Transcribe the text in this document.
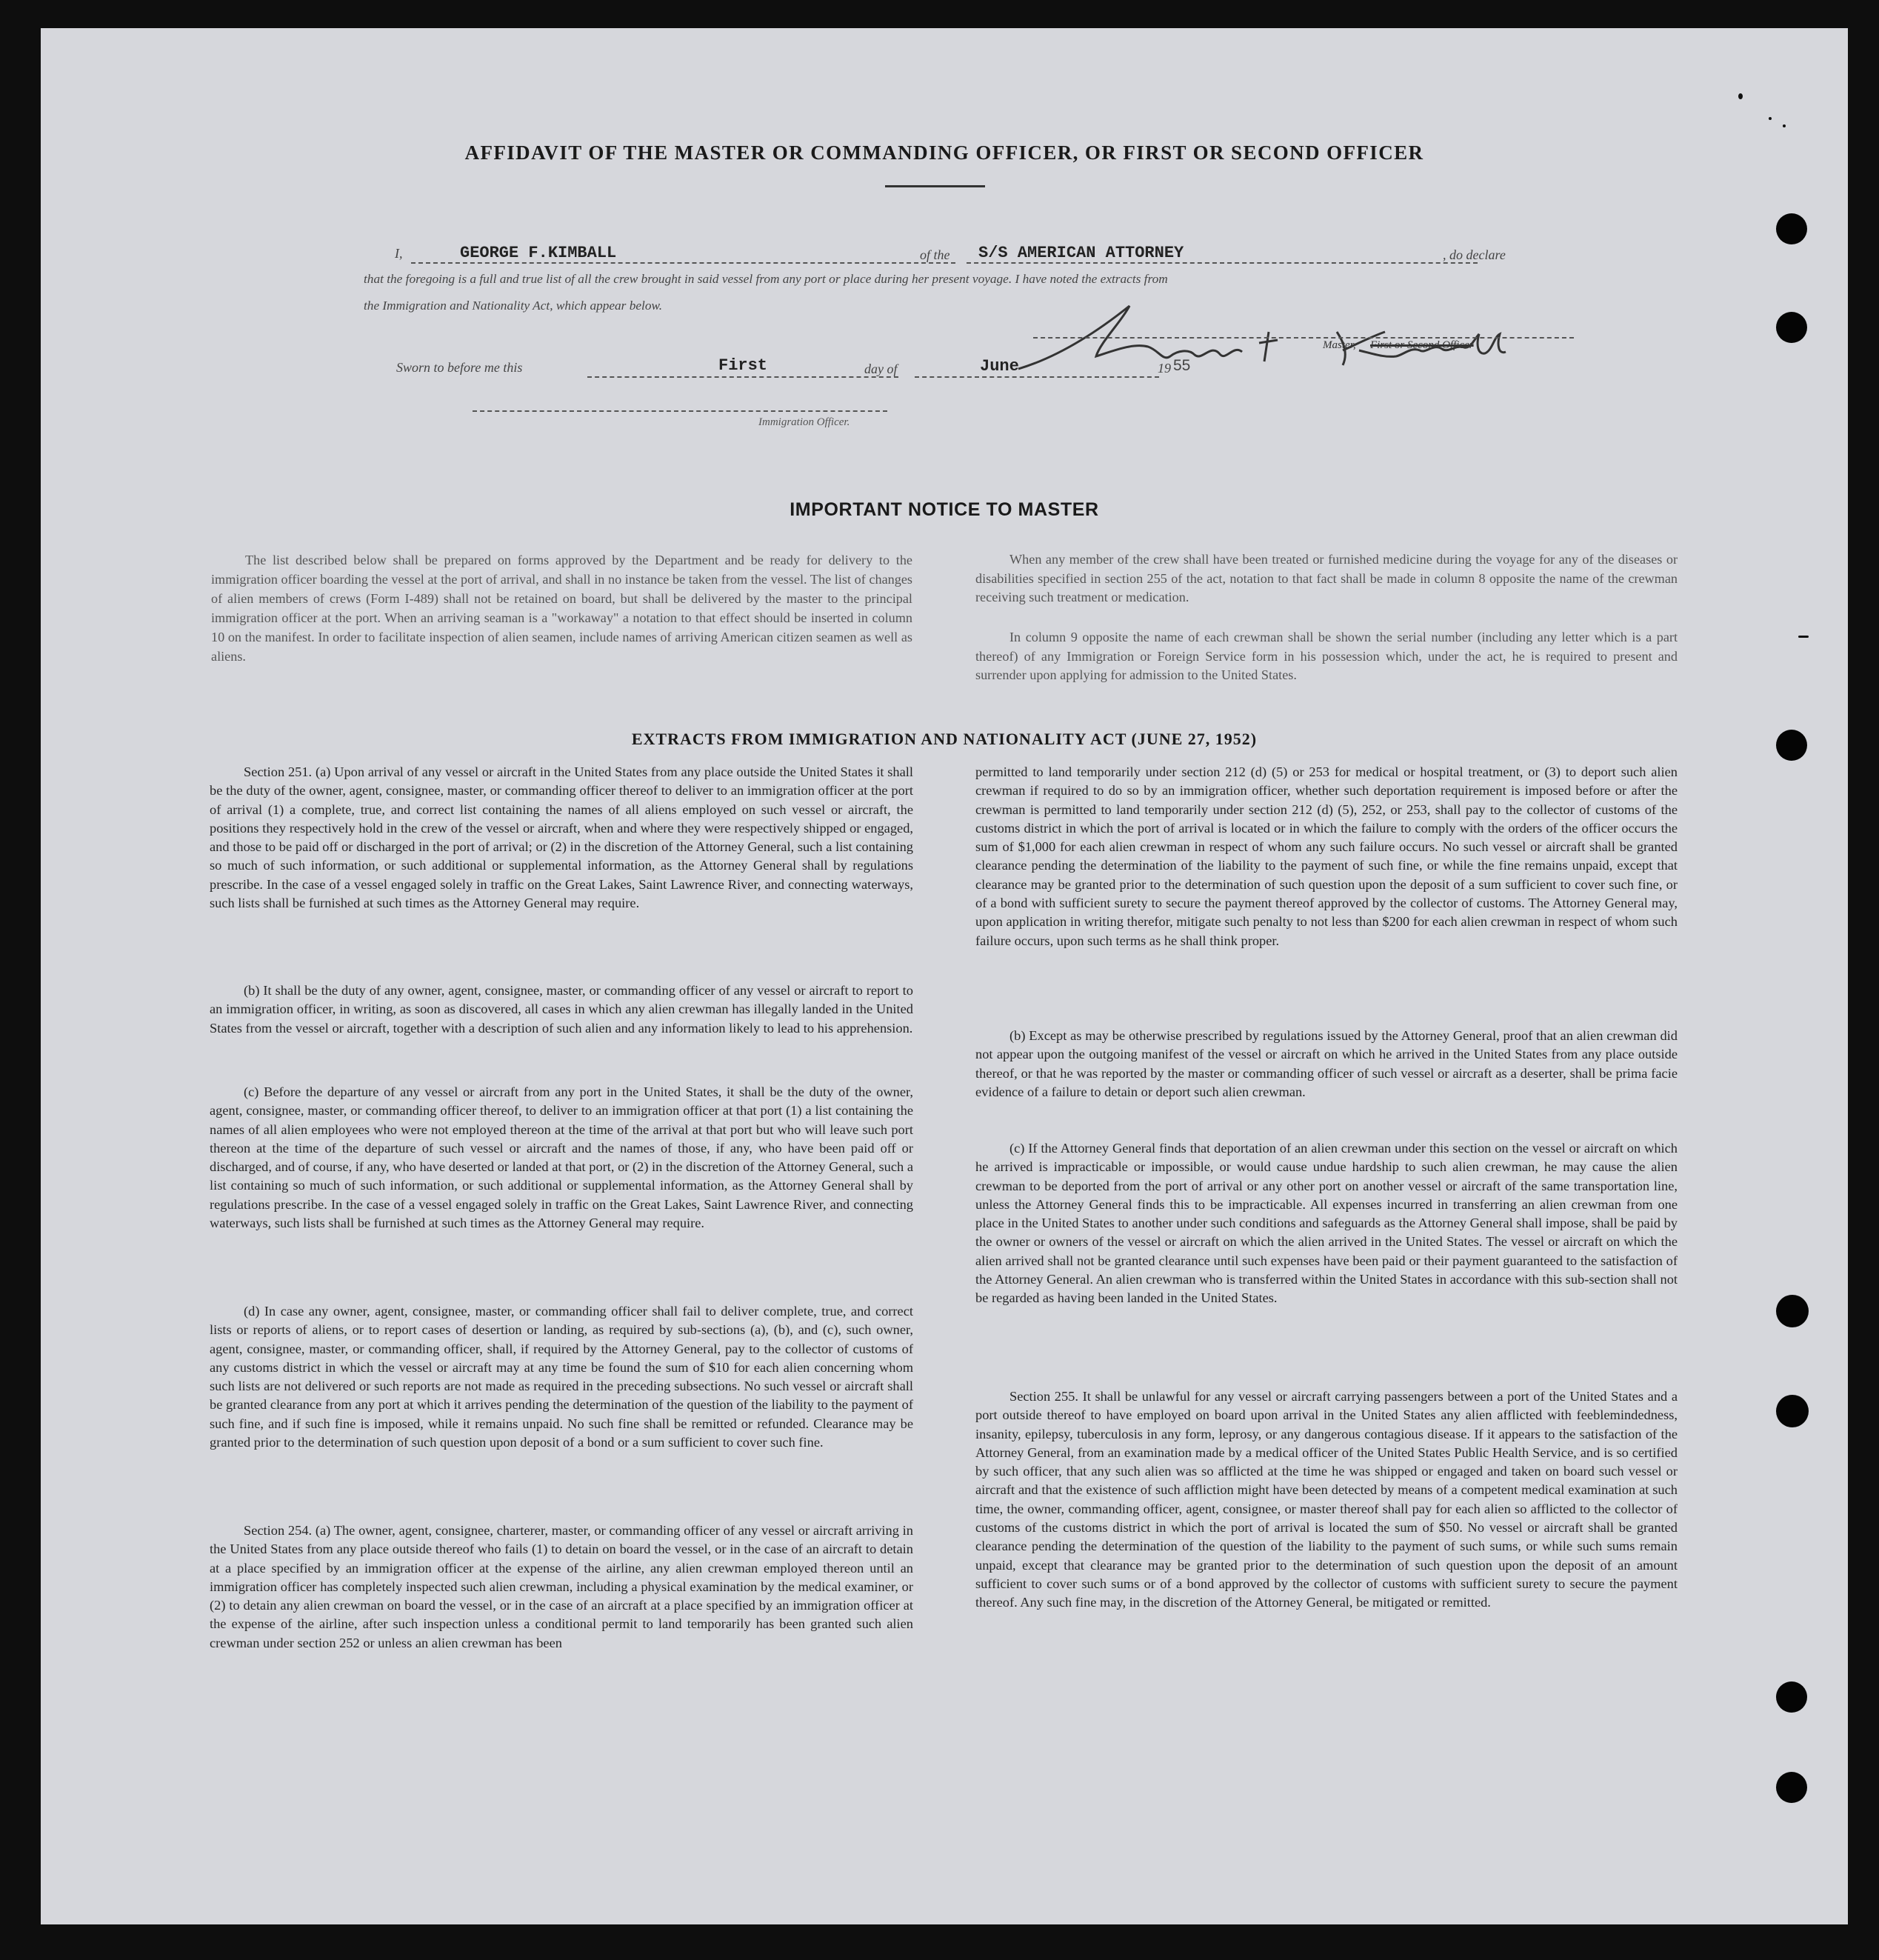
AFFIDAVIT OF THE MASTER OR COMMANDING OFFICER, OR FIRST OR SECOND OFFICER
I,	GEORGE F.KIMBALL	of the S/S AMERICAN ATTORNEY	, do declare
that the foregoing is a full and true list of all the crew brought in said vessel from any port or place during her present voyage. I have noted the extracts from
the Immigration and Nationality Act, which appear below.
Master, First or Second Officer
Sworn to before me this	First	day of	June	19 55
Immigration Officer.
IMPORTANT NOTICE TO MASTER
The list described below shall be prepared on forms approved by the Department and be ready for delivery to the immigration officer boarding the vessel at the port of arrival, and shall in no instance be taken from the vessel. The list of changes of alien members of crews (Form I-489) shall not be retained on board, but shall be delivered by the master to the principal immigration officer at the port. When an arriving seaman is a "workaway" a notation to that effect should be inserted in column 10 on the manifest. In order to facilitate inspection of alien seamen, include names of arriving American citizen seamen as well as aliens.
When any member of the crew shall have been treated or furnished medicine during the voyage for any of the diseases or disabilities specified in section 255 of the act, notation to that fact shall be made in column 8 opposite the name of the crewman receiving such treatment or medication.
In column 9 opposite the name of each crewman shall be shown the serial number (including any letter which is a part thereof) of any Immigration or Foreign Service form in his possession which, under the act, he is required to present and surrender upon applying for admission to the United States.
EXTRACTS FROM IMMIGRATION AND NATIONALITY ACT (JUNE 27, 1952)
Section 251. (a) Upon arrival of any vessel or aircraft in the United States from any place outside the United States it shall be the duty of the owner, agent, consignee, master, or commanding officer thereof to deliver to an immigration officer at the port of arrival (1) a complete, true, and correct list containing the names of all aliens employed on such vessel or aircraft, the positions they respectively hold in the crew of the vessel or aircraft, when and where they were respectively shipped or engaged, and those to be paid off or discharged in the port of arrival; or (2) in the discretion of the Attorney General, such a list containing so much of such information, or such additional or supplemental information, as the Attorney General shall by regulations prescribe. In the case of a vessel engaged solely in traffic on the Great Lakes, Saint Lawrence River, and connecting waterways, such lists shall be furnished at such times as the Attorney General may require.
(b) It shall be the duty of any owner, agent, consignee, master, or commanding officer of any vessel or aircraft to report to an immigration officer, in writing, as soon as discovered, all cases in which any alien crewman has illegally landed in the United States from the vessel or aircraft, together with a description of such alien and any information likely to lead to his apprehension.
(c) Before the departure of any vessel or aircraft from any port in the United States, it shall be the duty of the owner, agent, consignee, master, or commanding officer thereof, to deliver to an immigration officer at that port (1) a list containing the names of all alien employees who were not employed thereon at the time of the arrival at that port but who will leave such port thereon at the time of the departure of such vessel or aircraft and the names of those, if any, who have been paid off or discharged, and of course, if any, who have deserted or landed at that port, or (2) in the discretion of the Attorney General, such a list containing so much of such information, or such additional or supplemental information, as the Attorney General shall by regulations prescribe. In the case of a vessel engaged solely in traffic on the Great Lakes, Saint Lawrence River, and connecting waterways, such lists shall be furnished at such times as the Attorney General may require.
(d) In case any owner, agent, consignee, master, or commanding officer shall fail to deliver complete, true, and correct lists or reports of aliens, or to report cases of desertion or landing, as required by sub-sections (a), (b), and (c), such owner, agent, consignee, master, or commanding officer, shall, if required by the Attorney General, pay to the collector of customs of any customs district in which the vessel or aircraft may at any time be found the sum of $10 for each alien concerning whom such lists are not delivered or such reports are not made as required in the preceding subsections. No such vessel or aircraft shall be granted clearance from any port at which it arrives pending the determination of the question of the liability to the payment of such fine, and if such fine is imposed, while it remains unpaid. No such fine shall be remitted or refunded. Clearance may be granted prior to the determination of such question upon deposit of a bond or a sum sufficient to cover such fine.
Section 254. (a) The owner, agent, consignee, charterer, master, or commanding officer of any vessel or aircraft arriving in the United States from any place outside thereof who fails (1) to detain on board the vessel, or in the case of an aircraft to detain at a place specified by an immigration officer at the expense of the airline, any alien crewman employed thereon until an immigration officer has completely inspected such alien crewman, including a physical examination by the medical examiner, or (2) to detain any alien crewman on board the vessel, or in the case of an aircraft at a place specified by an immigration officer at the expense of the airline, after such inspection unless a conditional permit to land temporarily has been granted such alien crewman under section 252 or unless an alien crewman has been
permitted to land temporarily under section 212 (d) (5) or 253 for medical or hospital treatment, or (3) to deport such alien crewman if required to do so by an immigration officer, whether such deportation requirement is imposed before or after the crewman is permitted to land temporarily under section 212 (d) (5), 252, or 253, shall pay to the collector of customs of the customs district in which the port of arrival is located or in which the failure to comply with the orders of the officer occurs the sum of $1,000 for each alien crewman in respect of whom any such failure occurs. No such vessel or aircraft shall be granted clearance pending the determination of the liability to the payment of such fine, or while the fine remains unpaid, except that clearance may be granted prior to the determination of such question upon the deposit of a sum sufficient to cover such fine, or of a bond with sufficient surety to secure the payment thereof approved by the collector of customs. The Attorney General may, upon application in writing therefor, mitigate such penalty to not less than $200 for each alien crewman in respect of whom such failure occurs, upon such terms as he shall think proper.
(b) Except as may be otherwise prescribed by regulations issued by the Attorney General, proof that an alien crewman did not appear upon the outgoing manifest of the vessel or aircraft on which he arrived in the United States from any place outside thereof, or that he was reported by the master or commanding officer of such vessel or aircraft as a deserter, shall be prima facie evidence of a failure to detain or deport such alien crewman.
(c) If the Attorney General finds that deportation of an alien crewman under this section on the vessel or aircraft on which he arrived is impracticable or impossible, or would cause undue hardship to such alien crewman, he may cause the alien crewman to be deported from the port of arrival or any other port on another vessel or aircraft of the same transportation line, unless the Attorney General finds this to be impracticable. All expenses incurred in transferring an alien crewman from one place in the United States to another under such conditions and safeguards as the Attorney General shall impose, shall be paid by the owner or owners of the vessel or aircraft on which the alien arrived in the United States. The vessel or aircraft on which the alien arrived shall not be granted clearance until such expenses have been paid or their payment guaranteed to the satisfaction of the Attorney General. An alien crewman who is transferred within the United States in accordance with this sub-section shall not be regarded as having been landed in the United States.
Section 255. It shall be unlawful for any vessel or aircraft carrying passengers between a port of the United States and a port outside thereof to have employed on board upon arrival in the United States any alien afflicted with feeblemindedness, insanity, epilepsy, tuberculosis in any form, leprosy, or any dangerous contagious disease. If it appears to the satisfaction of the Attorney General, from an examination made by a medical officer of the United States Public Health Service, and is so certified by such officer, that any such alien was so afflicted at the time he was shipped or engaged and taken on board such vessel or aircraft and that the existence of such affliction might have been detected by means of a competent medical examination at such time, the owner, commanding officer, agent, consignee, or master thereof shall pay for each alien so afflicted to the collector of customs of the customs district in which the port of arrival is located the sum of $50. No vessel or aircraft shall be granted clearance pending the determination of the question of the liability to the payment of such sums, or while such sums remain unpaid, except that clearance may be granted prior to the determination of such question upon the deposit of an amount sufficient to cover such sums or of a bond approved by the collector of customs with sufficient surety to secure the payment thereof. Any such fine may, in the discretion of the Attorney General, be mitigated or remitted.
